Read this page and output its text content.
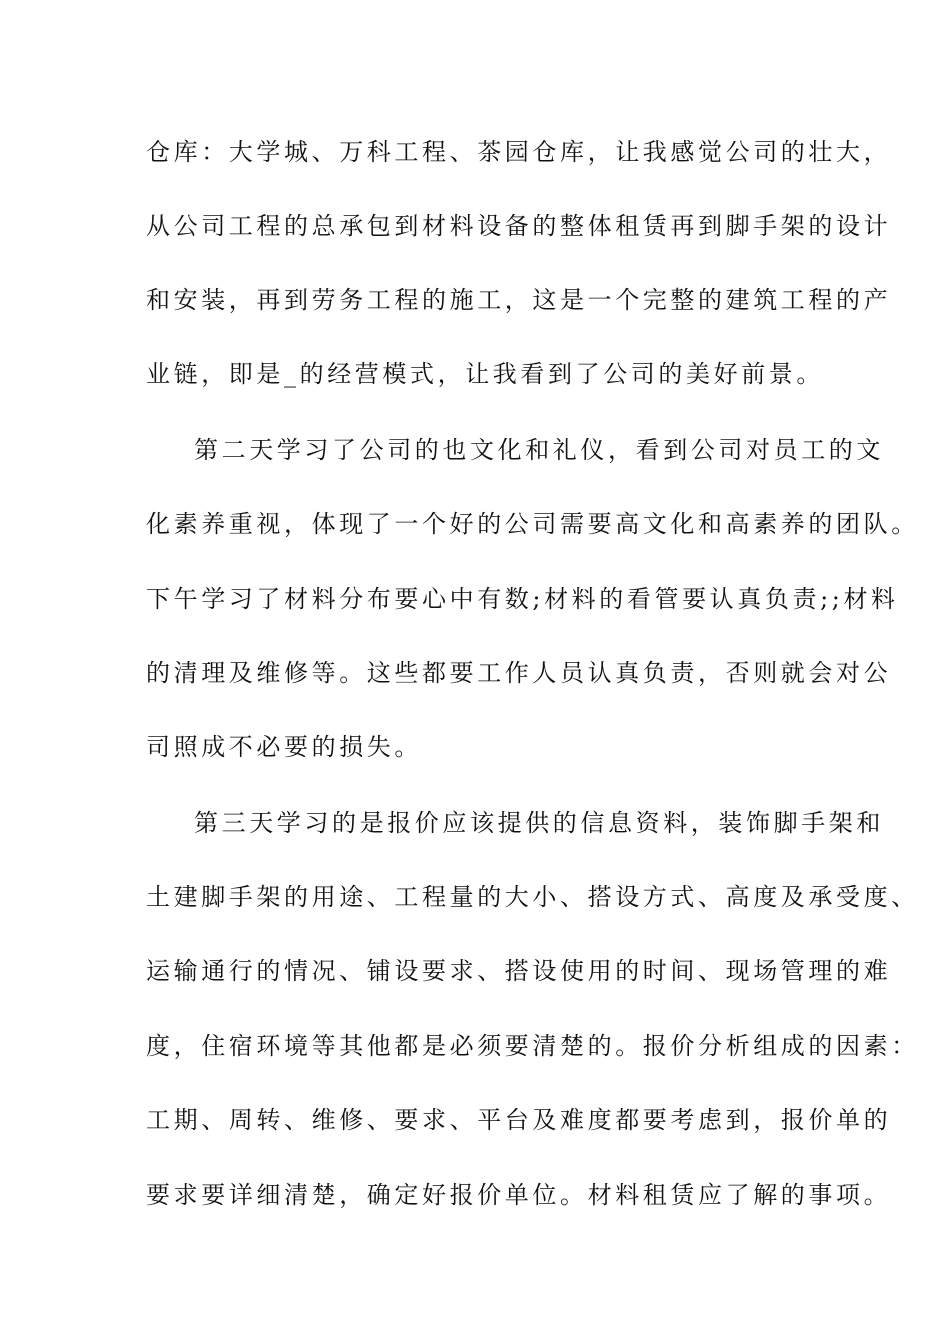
仓库：大学城、万科工程、茶园仓库，让我感觉公司的壮大，
从公司工程的总承包到材料设备的整体租赁再到脚手架的设计
和安装，再到劳务工程的施工，这是一个完整的建筑工程的产
业链，即是_的经营模式，让我看到了公司的美好前景。
第二天学习了公司的也文化和礼仪，看到公司对员工的文
化素养重视，体现了一个好的公司需要高文化和高素养的团队。
下午学习了材料分布要心中有数;材料的看管要认真负责;;材料
的清理及维修等。这些都要工作人员认真负责，否则就会对公
司照成不必要的损失。
第三天学习的是报价应该提供的信息资料，装饰脚手架和
土建脚手架的用途、工程量的大小、搭设方式、高度及承受度、
运输通行的情况、铺设要求、搭设使用的时间、现场管理的难
度，住宿环境等其他都是必须要清楚的。报价分析组成的因素：
工期、周转、维修、要求、平台及难度都要考虑到，报价单的
要求要详细清楚，确定好报价单位。材料租赁应了解的事项。
